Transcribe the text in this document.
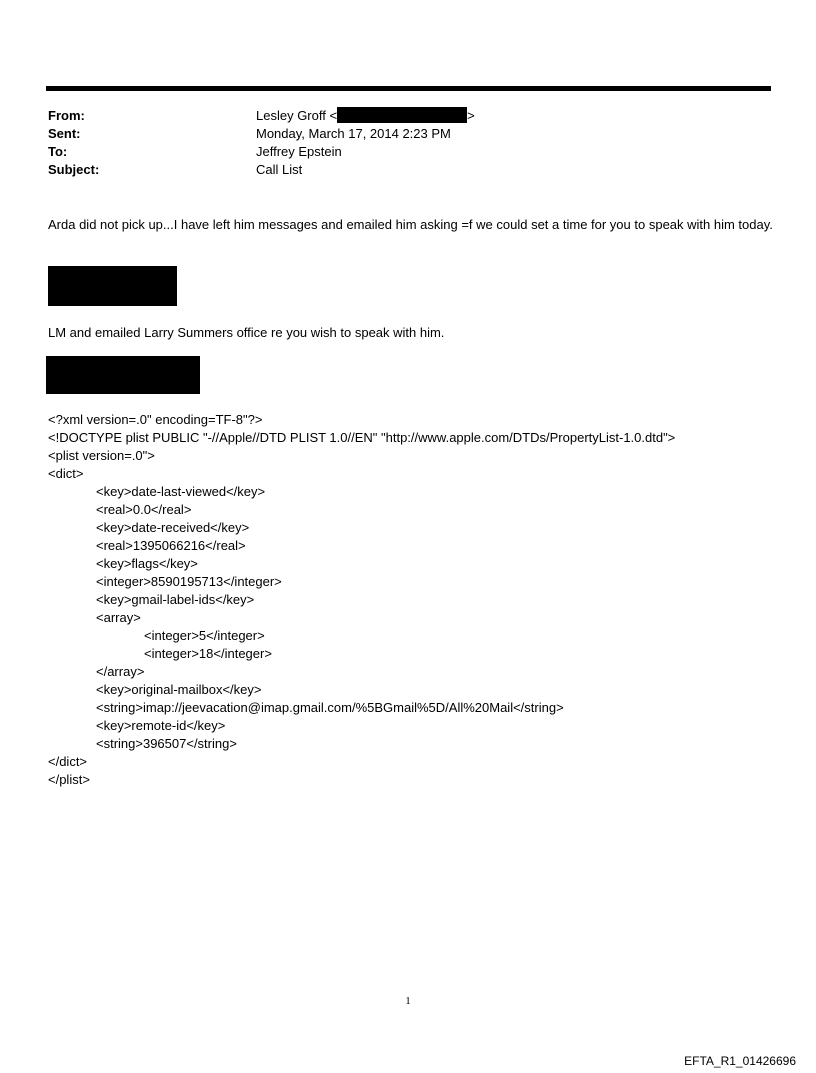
From:	Lesley Groff <	>
Sent:	Monday, March 17, 2014 2:23 PM
To:	Jeffrey Epstein
Subject:	Call List
Arda did not pick up...I have left him messages and emailed him asking =f we could set a time for you to speak with him today.
LM and emailed Larry Summers office re you wish to speak with him.
<?xml version=.0" encoding=TF-8"?>
<!DOCTYPE plist PUBLIC "-//Apple//DTD PLIST 1.0//EN" "http://www.apple.com/DTDs/PropertyList-1.0.dtd">
<plist version=.0">
<dict>
<key>date-last-viewed</key>
<real>0.0</real>
<key>date-received</key>
<real>1395066216</real>
<key>flags</key>
<integer>8590195713</integer>
<key>gmail-label-ids</key>
<array>
<integer>5</integer>
<integer>18</integer>
</array>
<key>original-mailbox</key>
<string>imap://jeevacation@imap.gmail.com/%5BGmail%5D/All%20Mail</string>
<key>remote-id</key>
<string>396507</string>
</dict>
</plist>
1
EFTA_R1_01426696
